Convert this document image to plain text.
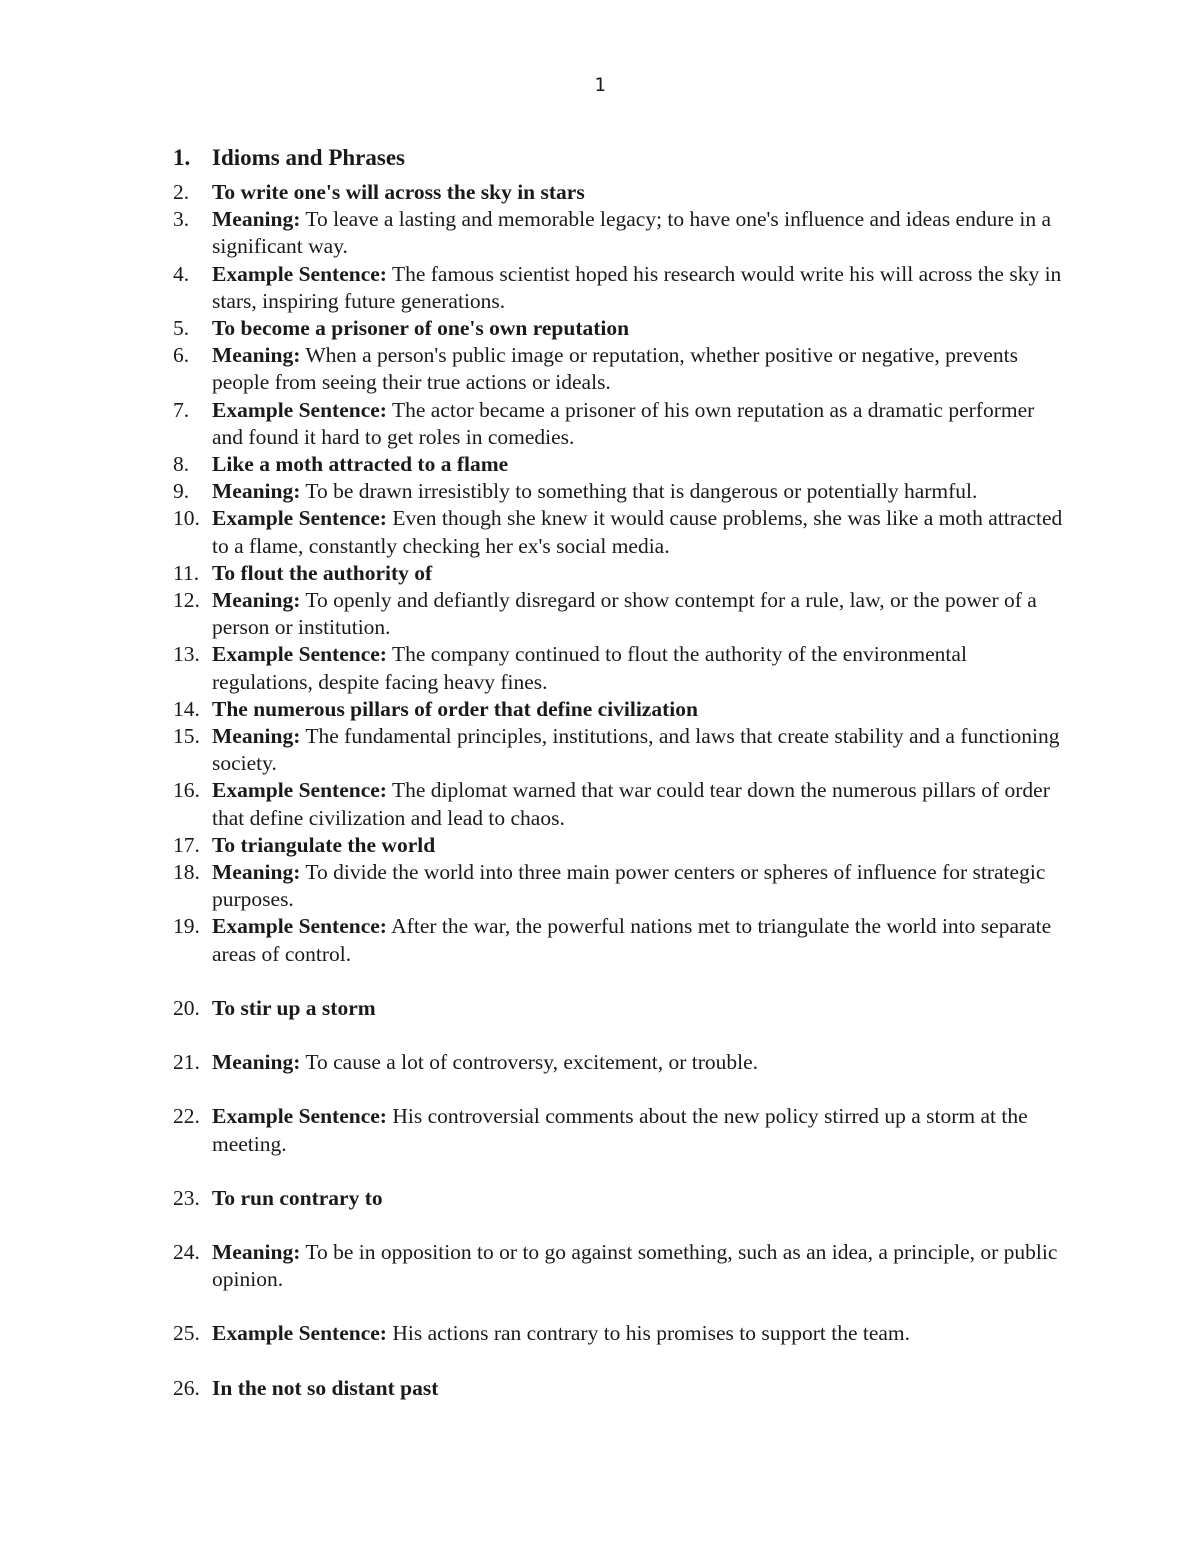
1
1. Idioms and Phrases
2.	To write one's will across the sky in stars
3.	Meaning: To leave a lasting and memorable legacy; to have one's influence and ideas endure in a significant way.
4.	Example Sentence: The famous scientist hoped his research would write his will across the sky in stars, inspiring future generations.
5.	To become a prisoner of one's own reputation
6.	Meaning: When a person's public image or reputation, whether positive or negative, prevents people from seeing their true actions or ideals.
7.	Example Sentence: The actor became a prisoner of his own reputation as a dramatic performer and found it hard to get roles in comedies.
8.	Like a moth attracted to a flame
9.	Meaning: To be drawn irresistibly to something that is dangerous or potentially harmful.
10. Example Sentence: Even though she knew it would cause problems, she was like a moth attracted to a flame, constantly checking her ex's social media.
11. To flout the authority of
12. Meaning: To openly and defiantly disregard or show contempt for a rule, law, or the power of a person or institution.
13. Example Sentence: The company continued to flout the authority of the environmental regulations, despite facing heavy fines.
14. The numerous pillars of order that define civilization
15. Meaning: The fundamental principles, institutions, and laws that create stability and a functioning society.
16. Example Sentence: The diplomat warned that war could tear down the numerous pillars of order that define civilization and lead to chaos.
17. To triangulate the world
18. Meaning: To divide the world into three main power centers or spheres of influence for strategic purposes.
19. Example Sentence: After the war, the powerful nations met to triangulate the world into separate areas of control.
20. To stir up a storm
21. Meaning: To cause a lot of controversy, excitement, or trouble.
22. Example Sentence: His controversial comments about the new policy stirred up a storm at the meeting.
23. To run contrary to
24. Meaning: To be in opposition to or to go against something, such as an idea, a principle, or public opinion.
25. Example Sentence: His actions ran contrary to his promises to support the team.
26. In the not so distant past
